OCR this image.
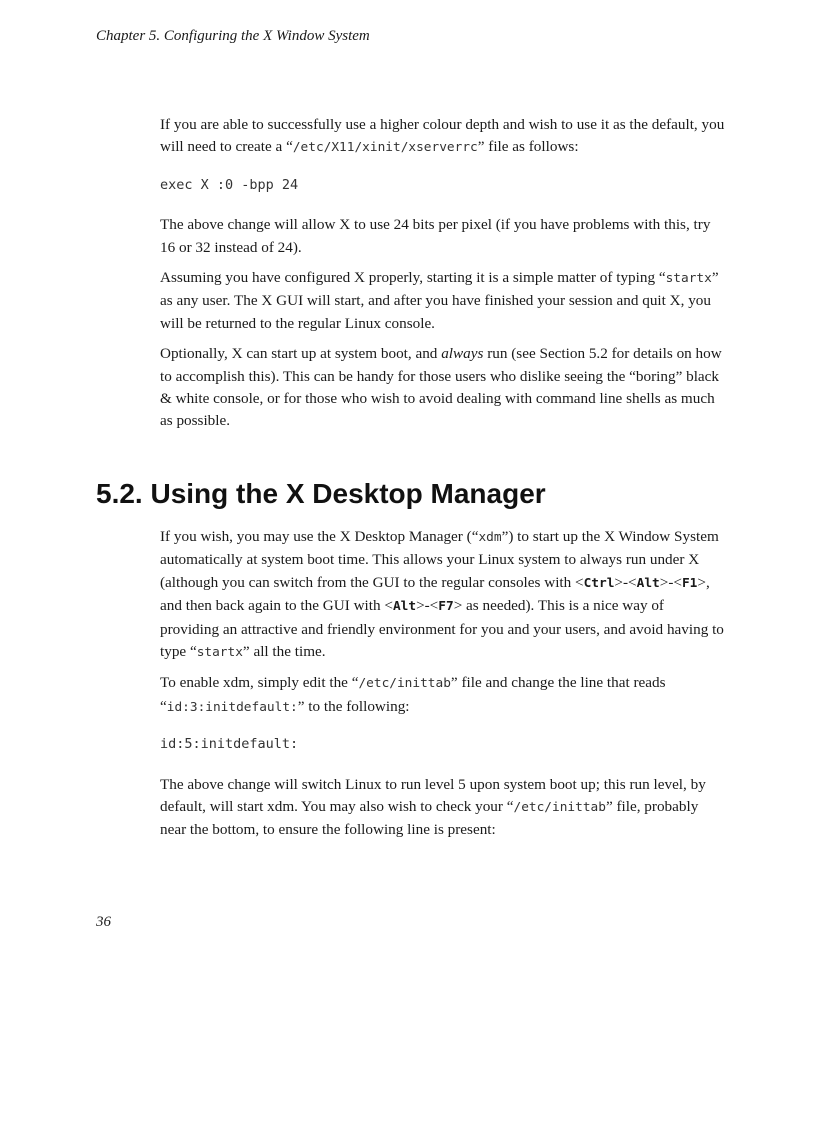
Chapter 5. Configuring the X Window System

If you are able to successfully use a higher colour depth and wish to use it as the default, you will need to create a “/etc/X11/xinit/xserverrc” file as follows:

exec X :0 -bpp 24

The above change will allow X to use 24 bits per pixel (if you have problems with this, try 16 or 32 instead of 24).

Assuming you have configured X properly, starting it is a simple matter of typing “startx” as any user. The X GUI will start, and after you have finished your session and quit X, you will be returned to the regular Linux console.

Optionally, X can start up at system boot, and always run (see Section 5.2 for details on how to accomplish this). This can be handy for those users who dislike seeing the “boring” black & white console, or for those who wish to avoid dealing with command line shells as much as possible.

5.2. Using the X Desktop Manager

If you wish, you may use the X Desktop Manager (“xdm”) to start up the X Window System automatically at system boot time. This allows your Linux system to always run under X (although you can switch from the GUI to the regular consoles with <Ctrl>-<Alt>-<F1>, and then back again to the GUI with <Alt>-<F7> as needed). This is a nice way of providing an attractive and friendly environment for you and your users, and avoid having to type “startx” all the time.

To enable xdm, simply edit the “/etc/inittab” file and change the line that reads “id:3:initdefault:” to the following:

id:5:initdefault:

The above change will switch Linux to run level 5 upon system boot up; this run level, by default, will start xdm. You may also wish to check your “/etc/inittab” file, probably near the bottom, to ensure the following line is present:

36
